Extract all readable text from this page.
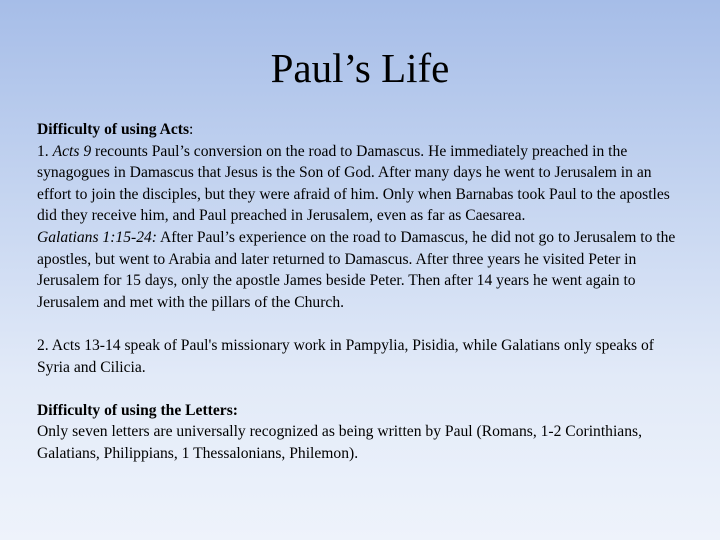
Paul’s Life

Difficulty of using Acts:

1. Acts 9 recounts Paul’s conversion on the road to Damascus. He immediately preached in the synagogues in Damascus that Jesus is the Son of God. After many days he went to Jerusalem in an effort to join the disciples, but they were afraid of him. Only when Barnabas took Paul to the apostles did they receive him, and Paul preached in Jerusalem, even as far as Caesarea.

Galatians 1:15-24: After Paul’s experience on the road to Damascus, he did not go to Jerusalem to the apostles, but went to Arabia and later returned to Damascus. After three years he visited Peter in Jerusalem for 15 days, only the apostle James beside Peter. Then after 14 years he went again to Jerusalem and met with the pillars of the Church.

2. Acts 13-14 speak of Paul's missionary work in Pampylia, Pisidia, while Galatians only speaks of Syria and Cilicia.

Difficulty of using the Letters:

Only seven letters are universally recognized as being written by Paul (Romans, 1-2 Corinthians, Galatians, Philippians, 1 Thessalonians, Philemon).
